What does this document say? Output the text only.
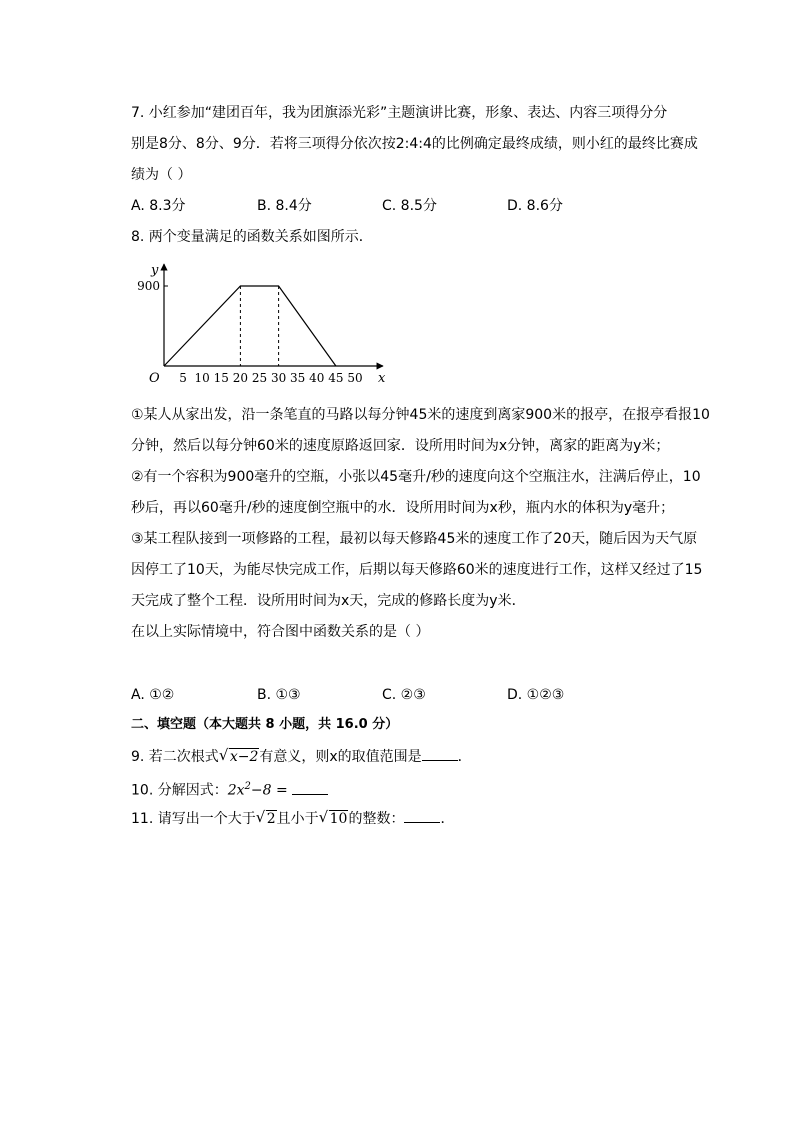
7. 小红参加“建团百年，我为团旗添光彩”主题演讲比赛，形象、表达、内容三项得分分
别是8分、8分、9分．若将三项得分依次按2:4:4的比例确定最终成绩，则小红的最终比赛成
绩为（ ）
A. 8.3分	B. 8.4分	C. 8.5分	D. 8.6分
8. 两个变量满足的函数关系如图所示．
5 10 15 20 25 30 35 40 45 50
900
x
y
O
①某人从家出发，沿一条笔直的马路以每分钟45米的速度到离家900米的报亭，在报亭看报10
分钟，然后以每分钟60米的速度原路返回家．设所用时间为x分钟，离家的距离为y米；
②有一个容积为900毫升的空瓶，小张以45毫升/秒的速度向这个空瓶注水，注满后停止，10
秒后，再以60毫升/秒的速度倒空瓶中的水．设所用时间为x秒，瓶内水的体积为y毫升；
③某工程队接到一项修路的工程，最初以每天修路45米的速度工作了20天，随后因为天气原
因停工了10天，为能尽快完成工作，后期以每天修路60米的速度进行工作，这样又经过了15
天完成了整个工程．设所用时间为x天，完成的修路长度为y米．
在以上实际情境中，符合图中函数关系的是（ ）
A. ①②	B. ①③	C. ②③	D. ①②③
二、填空题（本大题共 8 小题，共 16.0 分）
9. 若二次根式 √ x−2有意义，则x的取值范围是	．
10. 分解因式：$2x^2-8$ =
11. 请写出一个大于 √ 2且小于 √ 10的整数：	．
